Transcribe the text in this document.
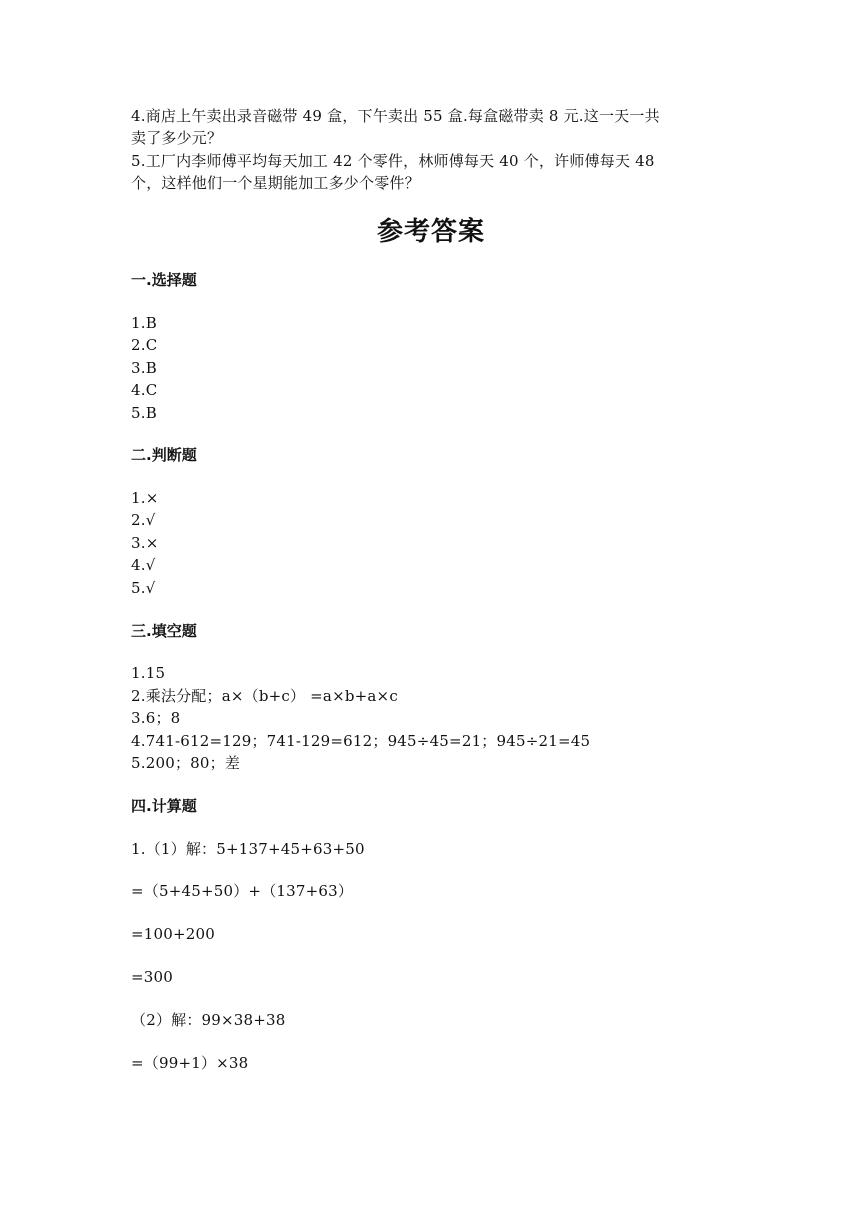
4.商店上午卖出录音磁带 49 盒，下午卖出 55 盒.每盒磁带卖 8 元.这一天一共
卖了多少元？
5.工厂内李师傅平均每天加工 42 个零件，林师傅每天 40 个，许师傅每天 48
个，这样他们一个星期能加工多少个零件？
参考答案
一.选择题
1.B
2.C
3.B
4.C
5.B
二.判断题
1.×
2.√
3.×
4.√
5.√
三.填空题
1.15
2.乘法分配；a×（b+c） =a×b+a×c
3.6；8
4.741-612=129；741-129=612；945÷45=21；945÷21=45
5.200；80；差
四.计算题
1.（1）解：5+137+45+63+50
=（5+45+50）+（137+63）
=100+200
=300
（2）解：99×38+38
=（99+1）×38
